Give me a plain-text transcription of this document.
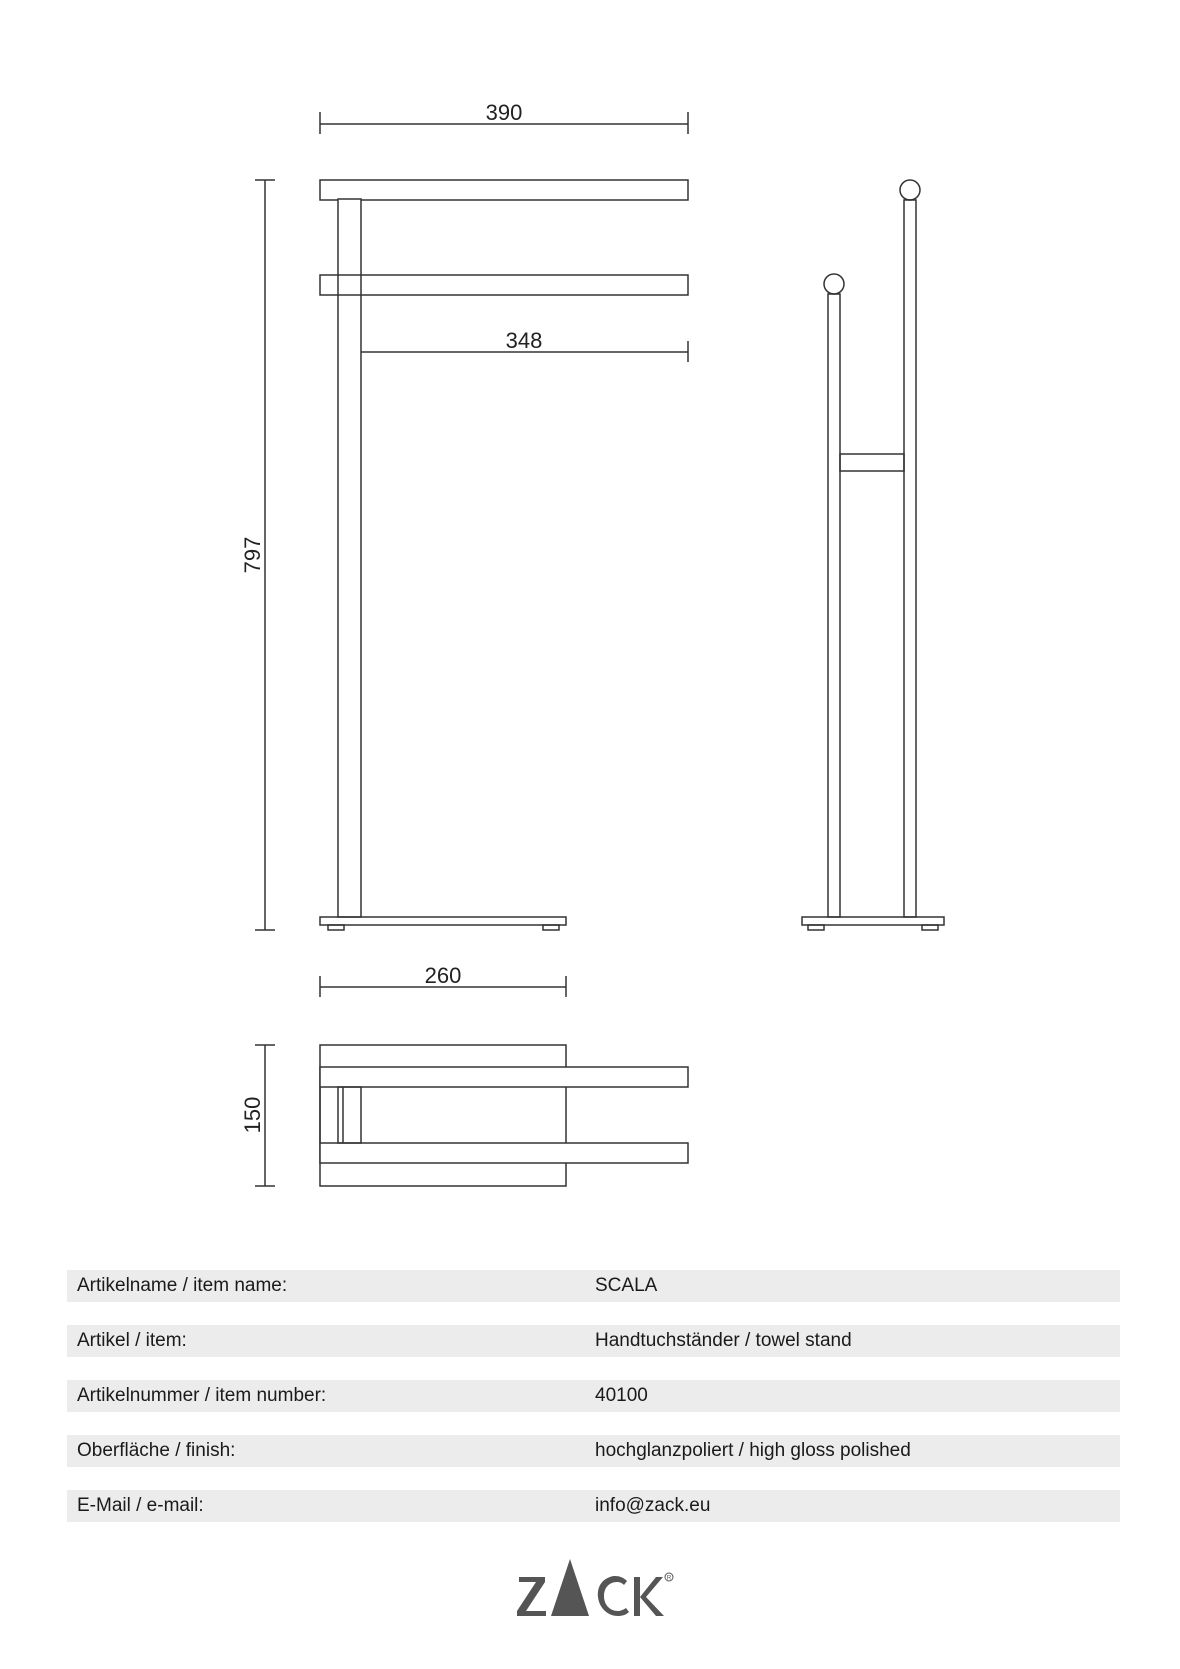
390
348
797
260
150
Artikelname / item name:	SCALA
Artikel / item:	Handtuchständer / towel stand
Artikelnummer / item number:	40100
Oberfläche / finish:	hochglanzpoliert / high gloss polished
E-Mail / e-mail:	info@zack.eu
R
